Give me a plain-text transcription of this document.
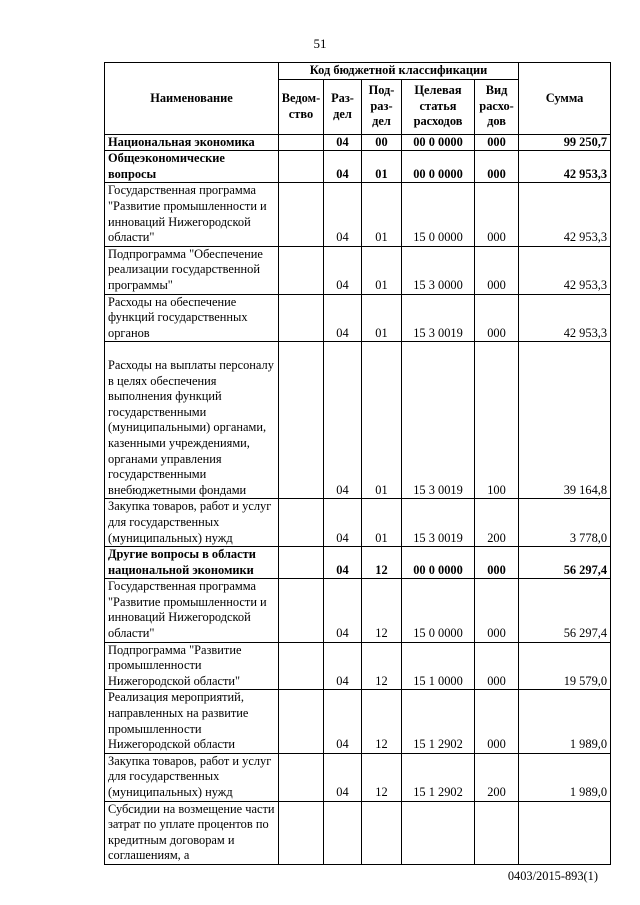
51
Наименование	Код бюджетной классификации					Сумма
	Ведом-ство	Раз-дел	Под-раз-дел	Целевая статья расходов	Вид расхо-дов	
Национальная экономика		04	00	00 0 0000	000	99 250,7
Общеэкономические вопросы		04	01	00 0 0000	000	42 953,3
Государственная программа "Развитие промышленности и инноваций Нижегородской области"		04	01	15 0 0000	000	42 953,3
Подпрограмма "Обеспечение реализации государственной программы"		04	01	15 3 0000	000	42 953,3
Расходы на обеспечение функций государственных органов		04	01	15 3 0019	000	42 953,3
Расходы на выплаты персоналу в целях обеспечения выполнения функций государственными (муниципальными) органами, казенными учреждениями, органами управления государственными внебюджетными фондами		04	01	15 3 0019	100	39 164,8
Закупка товаров, работ и услуг для государственных (муниципальных) нужд		04	01	15 3 0019	200	3 778,0
Другие вопросы в области национальной экономики		04	12	00 0 0000	000	56 297,4
Государственная программа "Развитие промышленности и инноваций Нижегородской области"		04	12	15 0 0000	000	56 297,4
Подпрограмма "Развитие промышленности Нижегородской области"		04	12	15 1 0000	000	19 579,0
Реализация мероприятий, направленных на развитие промышленности Нижегородской области		04	12	15 1 2902	000	1 989,0
Закупка товаров, работ и услуг для государственных (муниципальных) нужд		04	12	15 1 2902	200	1 989,0
Субсидии на возмещение части затрат по уплате процентов по кредитным договорам и соглашениям, а						
0403/2015-893(1)
